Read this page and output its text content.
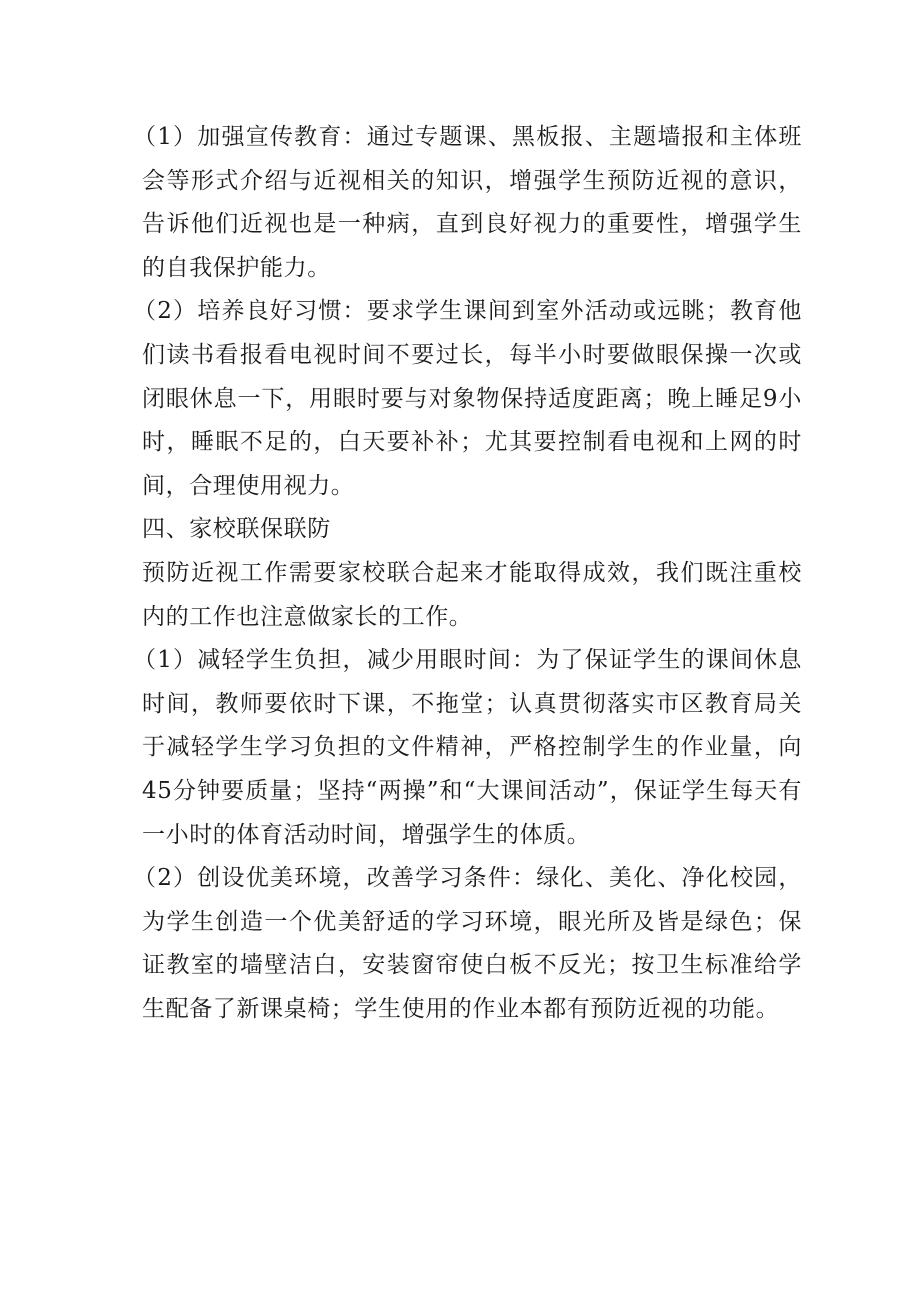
（1）加强宣传教育：通过专题课、黑板报、主题墙报和主体班会等形式介绍与近视相关的知识，增强学生预防近视的意识，告诉他们近视也是一种病，直到良好视力的重要性，增强学生的自我保护能力。

（2）培养良好习惯：要求学生课间到室外活动或远眺；教育他们读书看报看电视时间不要过长，每半小时要做眼保操一次或闭眼休息一下，用眼时要与对象物保持适度距离；晚上睡足9小时，睡眠不足的，白天要补补；尤其要控制看电视和上网的时间，合理使用视力。

四、家校联保联防

预防近视工作需要家校联合起来才能取得成效，我们既注重校内的工作也注意做家长的工作。

（1）减轻学生负担，减少用眼时间：为了保证学生的课间休息时间，教师要依时下课，不拖堂；认真贯彻落实市区教育局关于减轻学生学习负担的文件精神，严格控制学生的作业量，向45分钟要质量；坚持“两操”和“大课间活动”，保证学生每天有一小时的体育活动时间，增强学生的体质。

（2）创设优美环境，改善学习条件：绿化、美化、净化校园，为学生创造一个优美舒适的学习环境，眼光所及皆是绿色；保证教室的墙壁洁白，安装窗帘使白板不反光；按卫生标准给学生配备了新课桌椅；学生使用的作业本都有预防近视的功能。
